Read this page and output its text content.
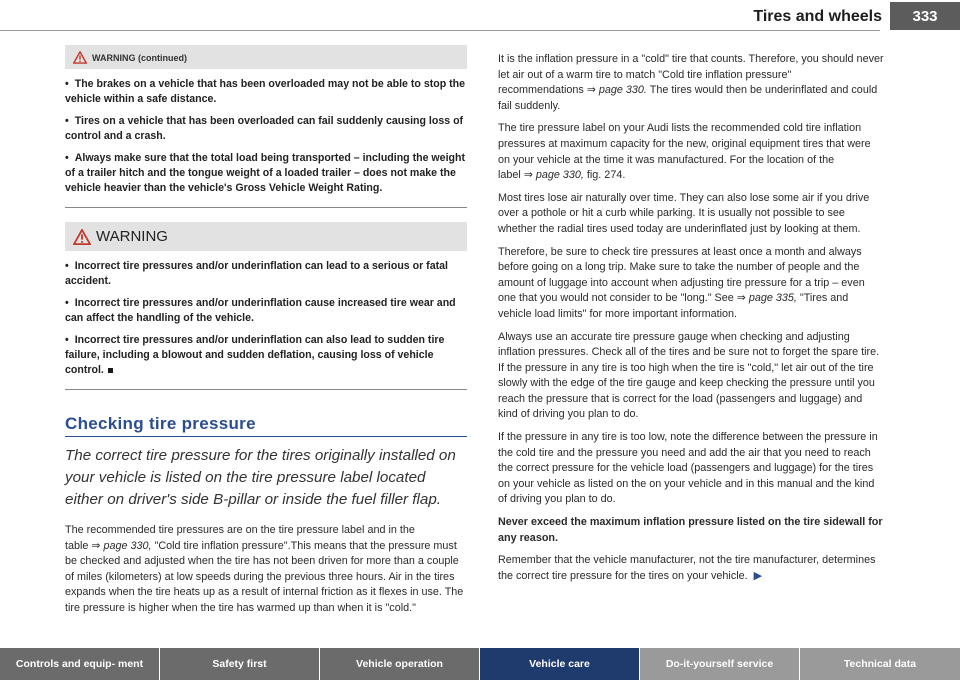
Tires and wheels	333
WARNING (continued)
• The brakes on a vehicle that has been overloaded may not be able to stop the vehicle within a safe distance.
• Tires on a vehicle that has been overloaded can fail suddenly causing loss of control and a crash.
• Always make sure that the total load being transported – including the weight of a trailer hitch and the tongue weight of a loaded trailer – does not make the vehicle heavier than the vehicle's Gross Vehicle Weight Rating.
WARNING
• Incorrect tire pressures and/or underinflation can lead to a serious or fatal accident.
• Incorrect tire pressures and/or underinflation cause increased tire wear and can affect the handling of the vehicle.
• Incorrect tire pressures and/or underinflation can also lead to sudden tire failure, including a blowout and sudden deflation, causing loss of vehicle control.
Checking tire pressure

The correct tire pressure for the tires originally installed on your vehicle is listed on the tire pressure label located either on driver's side B-pillar or inside the fuel filler flap.

The recommended tire pressures are on the tire pressure label and in the table ⇒ page 330, "Cold tire inflation pressure".This means that the pressure must be checked and adjusted when the tire has not been driven for more than a couple of miles (kilometers) at low speeds during the previous three hours. Air in the tires expands when the tire heats up as a result of internal friction as it flexes in use. The tire pressure is higher when the tire has warmed up than when it is "cold."

It is the inflation pressure in a "cold" tire that counts. Therefore, you should never let air out of a warm tire to match "Cold tire inflation pressure" recommendations ⇒ page 330. The tires would then be underinflated and could fail suddenly.

The tire pressure label on your Audi lists the recommended cold tire inflation pressures at maximum capacity for the new, original equipment tires that were on your vehicle at the time it was manufactured. For the location of the label ⇒ page 330, fig. 274.

Most tires lose air naturally over time. They can also lose some air if you drive over a pothole or hit a curb while parking. It is usually not possible to see whether the radial tires used today are underinflated just by looking at them.

Therefore, be sure to check tire pressures at least once a month and always before going on a long trip. Make sure to take the number of people and the amount of luggage into account when adjusting tire pressure for a trip – even one that you would not consider to be "long." See ⇒ page 335, "Tires and vehicle load limits" for more important information.

Always use an accurate tire pressure gauge when checking and adjusting inflation pressures. Check all of the tires and be sure not to forget the spare tire. If the pressure in any tire is too high when the tire is "cold," let air out of the tire slowly with the edge of the tire gauge and keep checking the pressure until you reach the pressure that is correct for the load (passengers and luggage) and kind of driving you plan to do.

If the pressure in any tire is too low, note the difference between the pressure in the cold tire and the pressure you need and add the air that you need to reach the correct pressure for the vehicle load (passengers and luggage) for the tires on your vehicle as listed on the on your vehicle and in this manual and the kind of driving you plan to do.

Never exceed the maximum inflation pressure listed on the tire sidewall for any reason.

Remember that the vehicle manufacturer, not the tire manufacturer, determines the correct tire pressure for the tires on your vehicle. ▶

Controls and equip- ment	Safety first	Vehicle operation	Vehicle care	Do-it-yourself service	Technical data
